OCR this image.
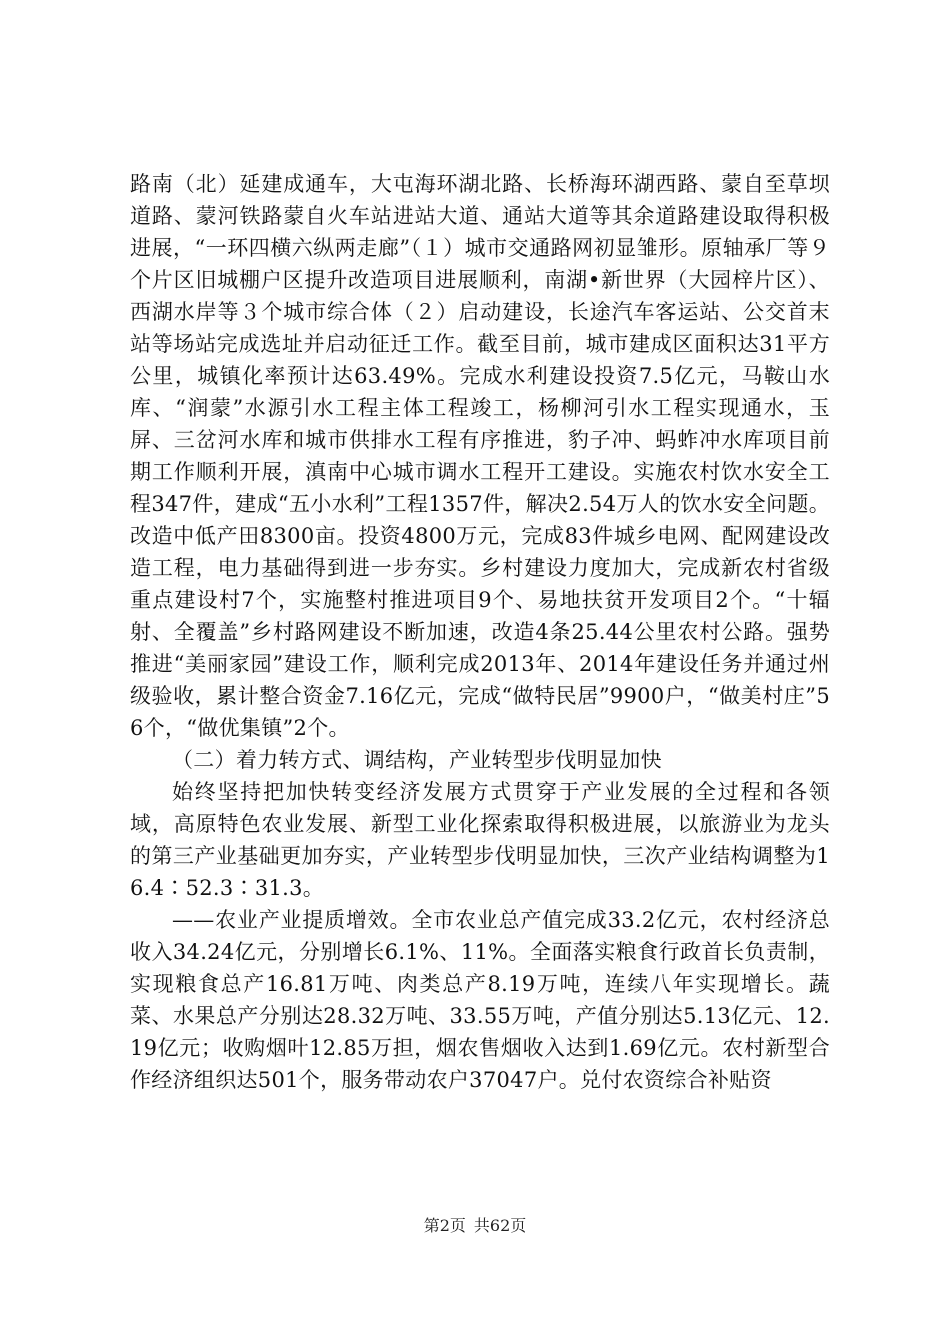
路南（北）延建成通车，大屯海环湖北路、长桥海环湖西路、蒙自至草坝道路、蒙河铁路蒙自火车站进站大道、通站大道等其余道路建设取得积极进展，“一环四横六纵两走廊”（１）城市交通路网初显雏形。原轴承厂等９个片区旧城棚户区提升改造项目进展顺利，南湖•新世界（大园梓片区）、西湖水岸等３个城市综合体（２）启动建设，长途汽车客运站、公交首末站等场站完成选址并启动征迁工作。截至目前，城市建成区面积达31平方公里，城镇化率预计达63.49%。完成水利建设投资7.5亿元，马鞍山水库、“润蒙”水源引水工程主体工程竣工，杨柳河引水工程实现通水，玉屏、三岔河水库和城市供排水工程有序推进，豹子冲、蚂蚱冲水库项目前期工作顺利开展，滇南中心城市调水工程开工建设。实施农村饮水安全工程347件，建成“五小水利”工程1357件，解决2.54万人的饮水安全问题。改造中低产田8300亩。投资4800万元，完成83件城乡电网、配网建设改造工程，电力基础得到进一步夯实。乡村建设力度加大，完成新农村省级重点建设村7个，实施整村推进项目9个、易地扶贫开发项目2个。“十辐射、全覆盖”乡村路网建设不断加速，改造4条25.44公里农村公路。强势推进“美丽家园”建设工作，顺利完成2013年、2014年建设任务并通过州级验收，累计整合资金7.16亿元，完成“做特民居”9900户，“做美村庄”56个，“做优集镇”2个。

（二）着力转方式、调结构，产业转型步伐明显加快

始终坚持把加快转变经济发展方式贯穿于产业发展的全过程和各领域，高原特色农业发展、新型工业化探索取得积极进展，以旅游业为龙头的第三产业基础更加夯实，产业转型步伐明显加快，三次产业结构调整为16.4∶52.3∶31.3。

——农业产业提质增效。全市农业总产值完成33.2亿元，农村经济总收入34.24亿元，分别增长6.1%、11%。全面落实粮食行政首长负责制，实现粮食总产16.81万吨、肉类总产8.19万吨，连续八年实现增长。蔬菜、水果总产分别达28.32万吨、33.55万吨，产值分别达5.13亿元、12.19亿元；收购烟叶12.85万担，烟农售烟收入达到1.69亿元。农村新型合作经济组织达501个，服务带动农户37047户。兑付农资综合补贴资

第2页 共62页
